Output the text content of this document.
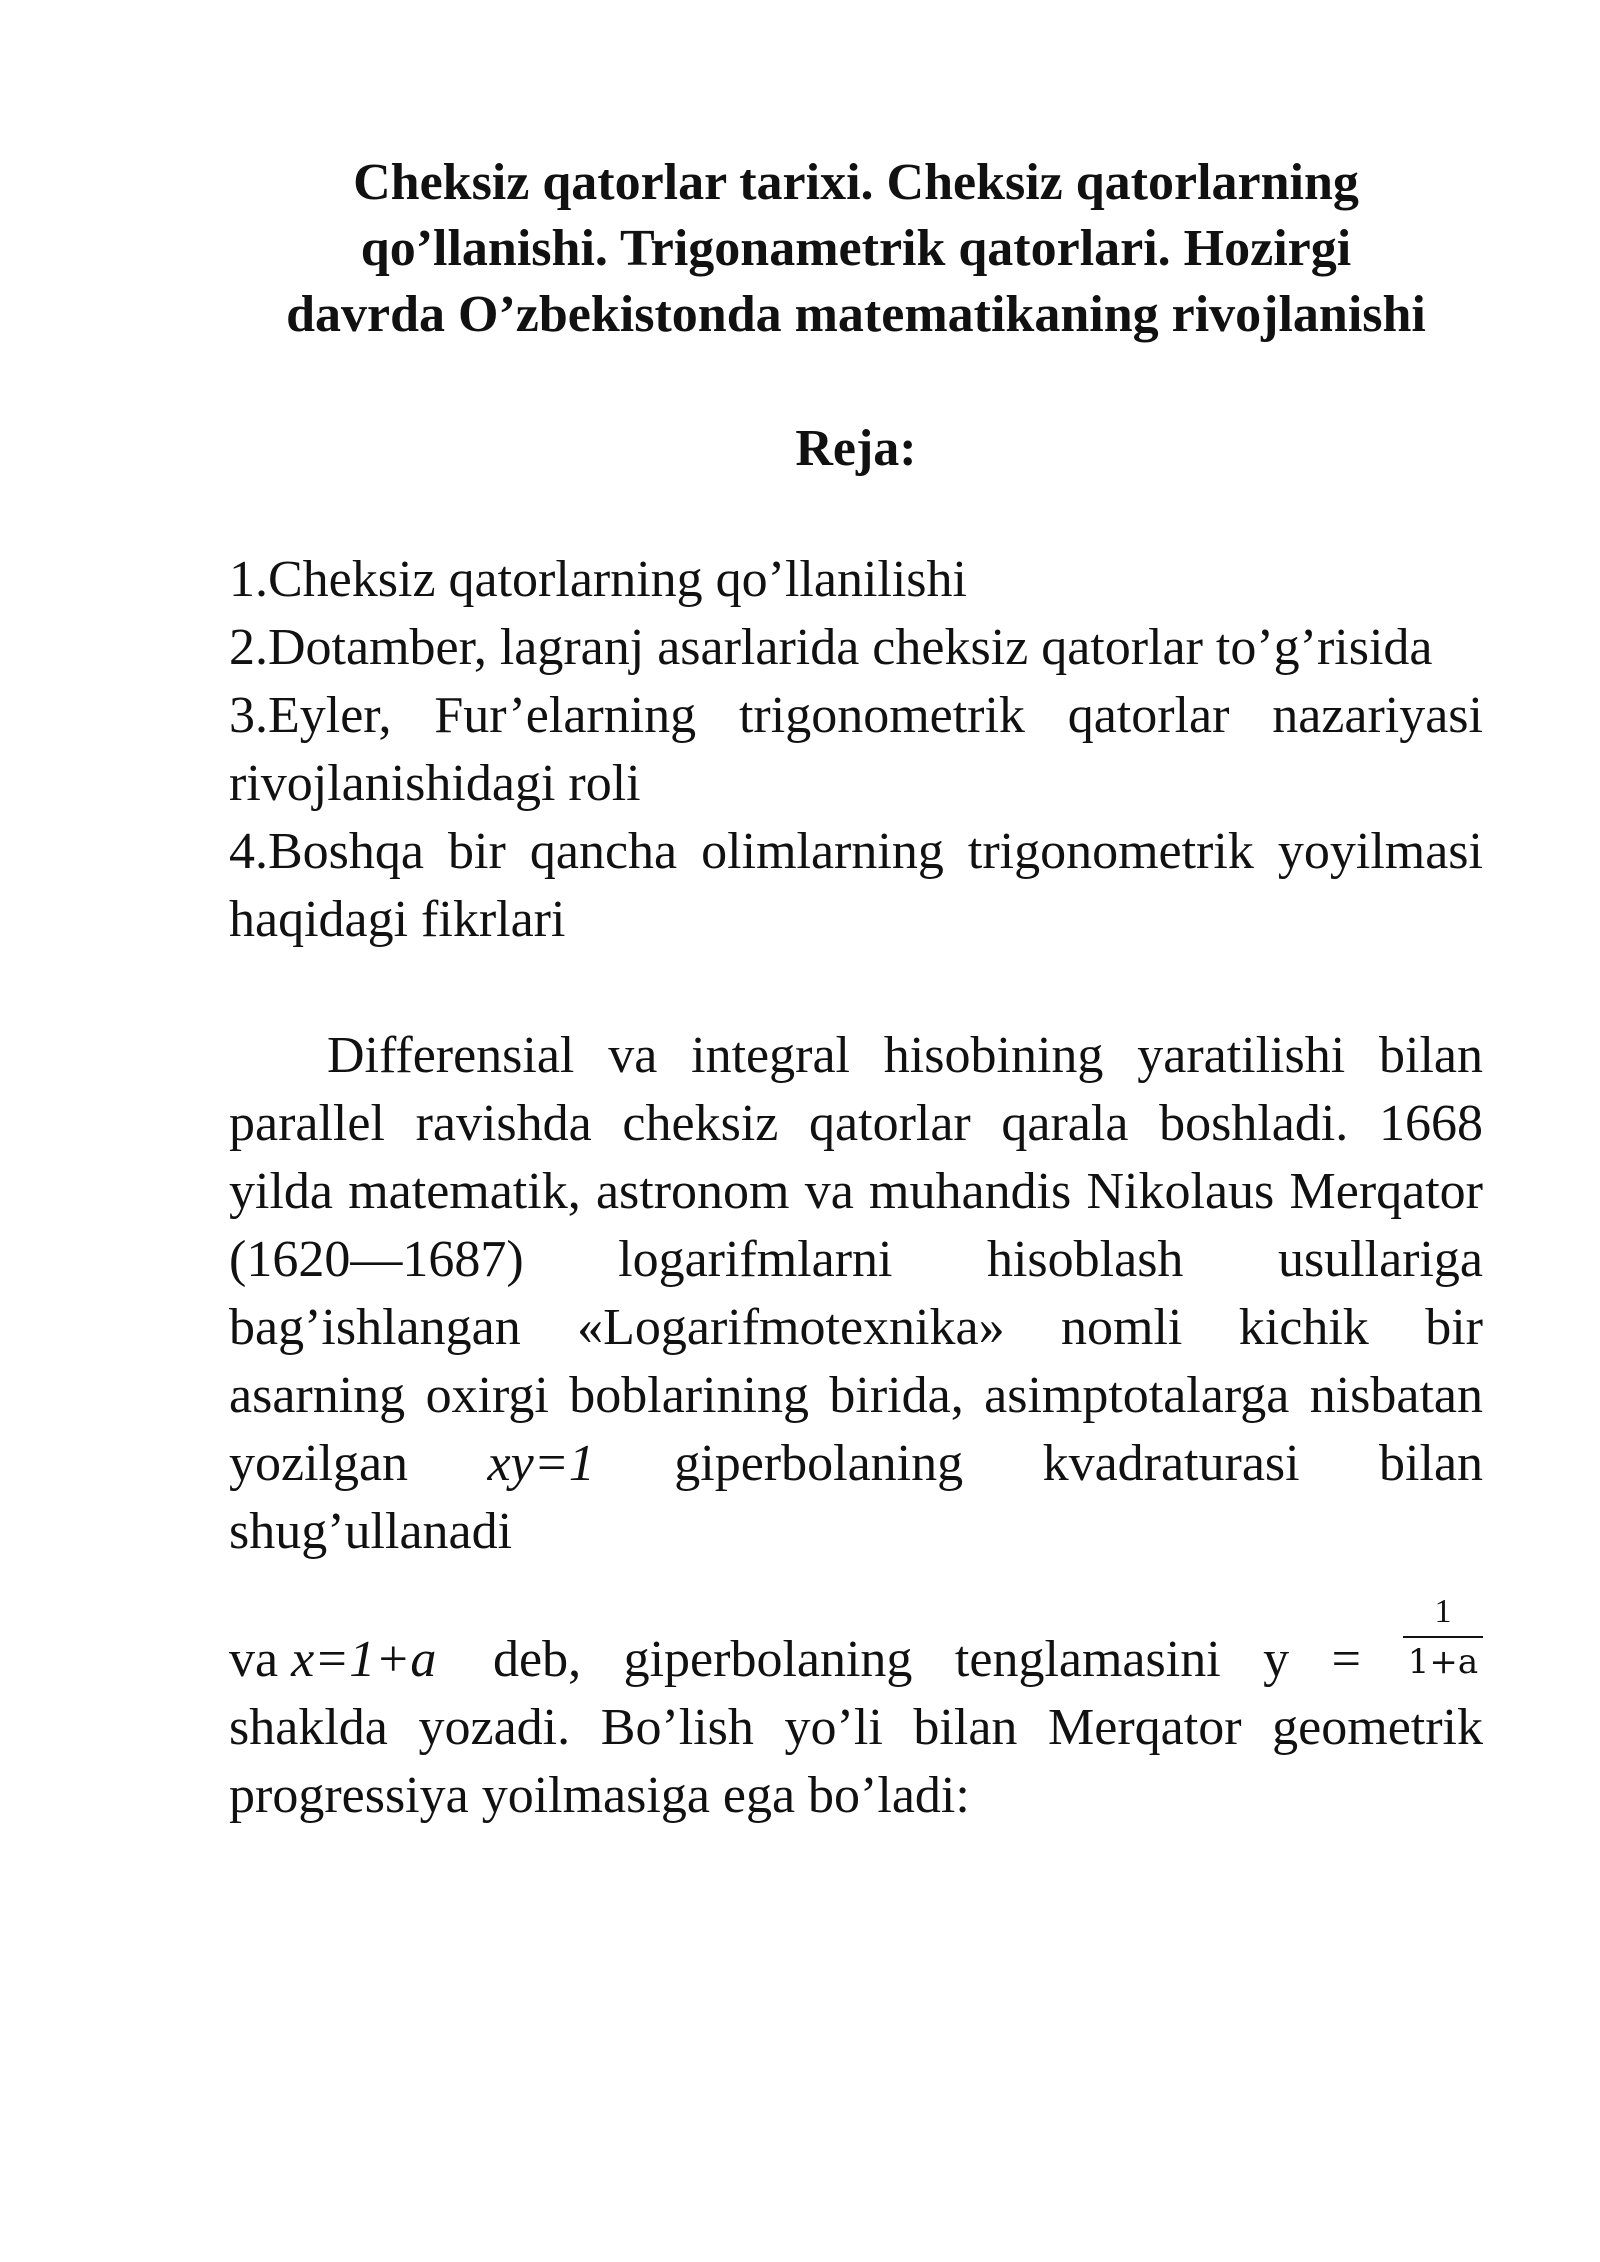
Cheksiz qatorlar tarixi. Cheksiz qatorlarning qo’llanishi. Trigonametrik qatorlari. Hozirgi davrda O’zbekistonda matematikaning rivojlanishi
Reja:
1.Cheksiz qatorlarning qo’llanilishi
2.Dotamber, lagranj asarlarida cheksiz qatorlar to’g’risida
3.Eyler, Fur’elarning trigonometrik qatorlar nazariyasi rivojlanishidagi roli
4.Boshqa bir qancha olimlarning trigonometrik yoyilmasi haqidagi fikrlari

Differensial va integral hisobining yaratilishi bilan parallel ravishda cheksiz qatorlar qarala boshladi. 1668 yilda matematik, astronom va muhandis Nikolaus Merqator (1620—1687) logarifmlarni hisoblash usullariga bag’ishlangan «Logarifmotexnika» nomli kichik bir asarning oxirgi boblarining birida, asimptotalarga nisbatan yozilgan xy=1 giperbolaning kvadraturasi bilan shug’ullanadi

va x=1+a deb, giperbolaning tenglamasini $y = \frac{1}{1+a}$

shaklda yozadi. Bo’lish yo’li bilan Merqator geometrik progressiya yoilmasiga ega bo’ladi:
